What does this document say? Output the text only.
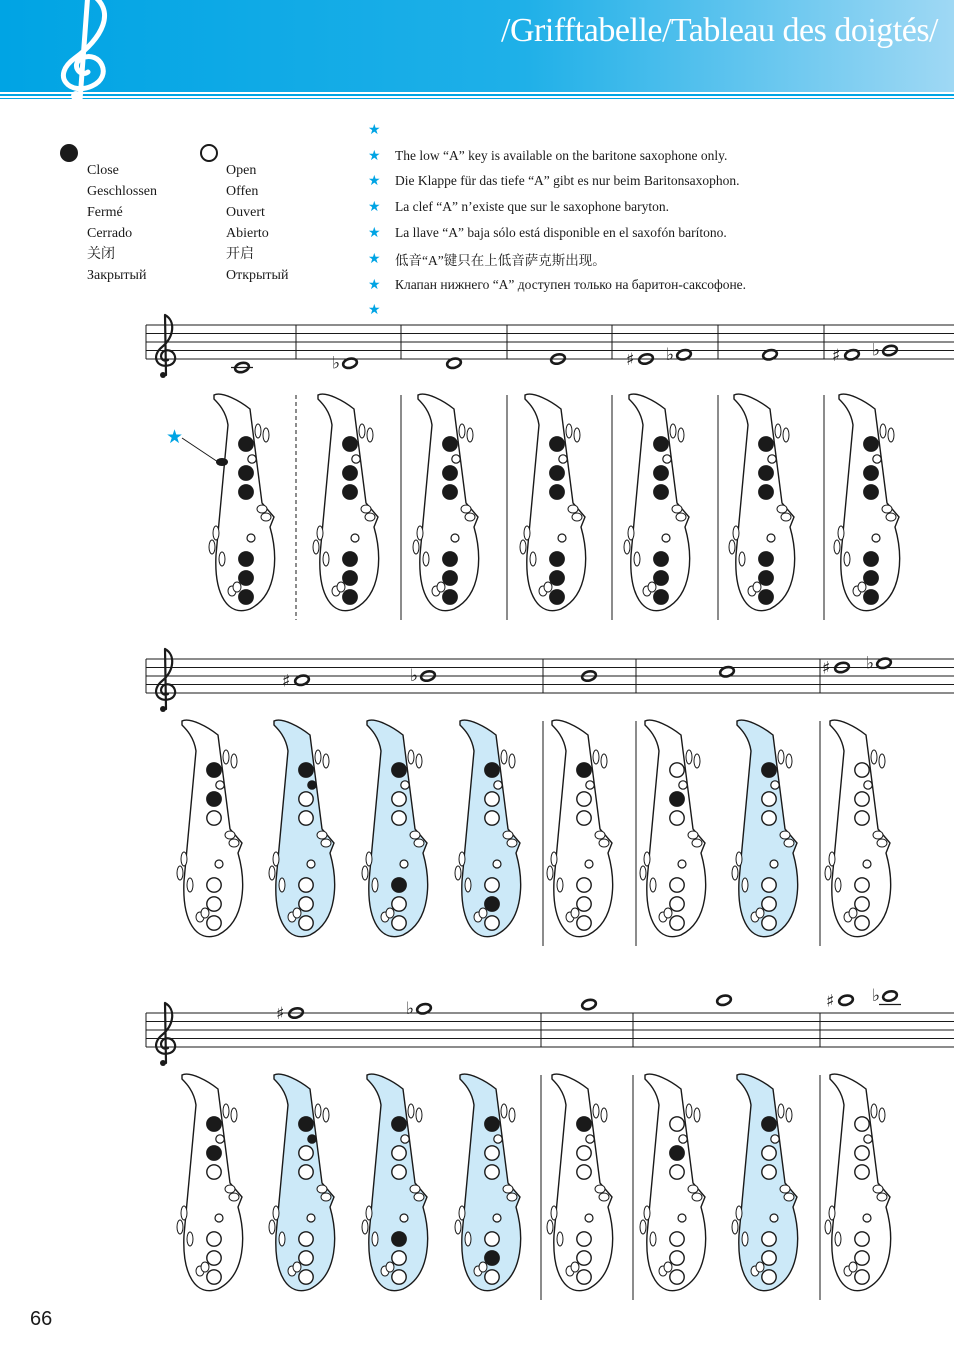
/Grifftabelle/Tableau des doigtés/
Close
Geschlossen
Fermé
Cerrado
关闭
Закрытый
Open
Offen
Ouvert
Abierto
开启
Открытый
★
★	The low “A” key is available on the baritone saxophone only.
★	Die Klappe für das tiefe “A” gibt es nur beim Baritonsaxophon.
★	La clef “A” n’existe que sur le saxophone baryton.
★	La llave “A” baja sólo está disponible en el saxofón barítono.
★	低音“A”键只在上低音萨克斯出现。
★	Клапан нижнего “A” доступен только на баритон-саксофоне.
★
♭	♯ ♭	♯ ♭
★
♯	♭	♯ ♭
♯	♭	♯ ♭
66
